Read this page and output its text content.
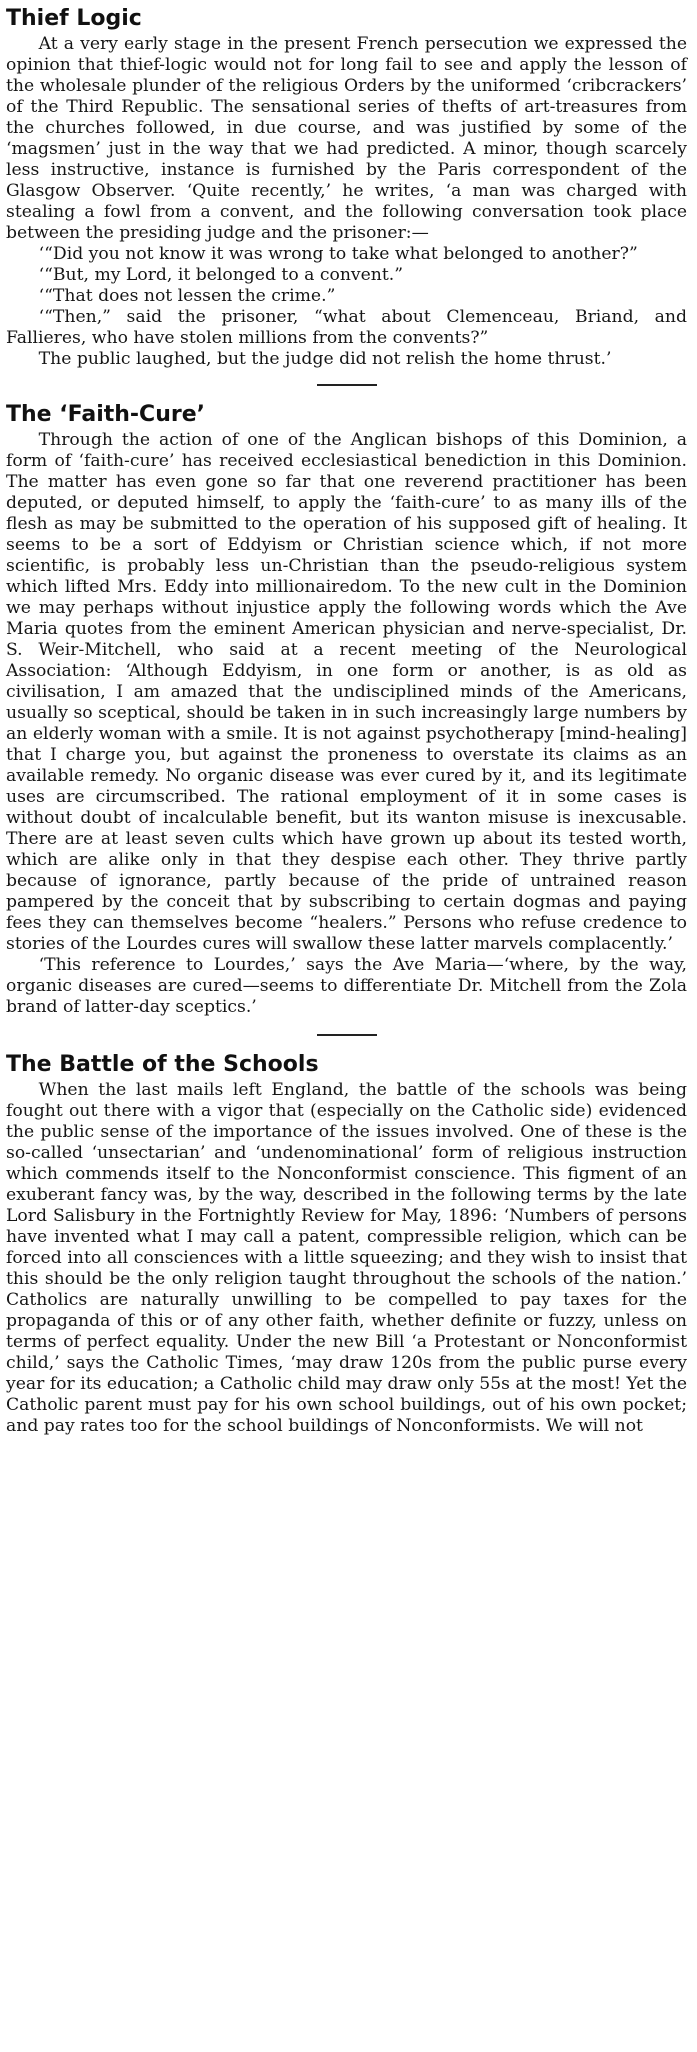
Thief Logic

At a very early stage in the present French persecution we expressed the opinion that thief-logic would not for long fail to see and apply the lesson of the wholesale plunder of the religious Orders by the uniformed ‘cribcrackers’ of the Third Republic. The sensational series of thefts of art-treasures from the churches followed, in due course, and was justified by some of the ‘magsmen’ just in the way that we had predicted. A minor, though scarcely less instructive, instance is furnished by the Paris correspondent of the Glasgow Observer. ‘Quite recently,’ he writes, ‘a man was charged with stealing a fowl from a convent, and the following conversation took place between the presiding judge and the prisoner:—

‘“Did you not know it was wrong to take what belonged to another?”

‘“But, my Lord, it belonged to a convent.”

‘“That does not lessen the crime.”

‘“Then,” said the prisoner, “what about Clemenceau, Briand, and Fallieres, who have stolen millions from the convents?”

The public laughed, but the judge did not relish the home thrust.’

The ‘Faith-Cure’

Through the action of one of the Anglican bishops of this Dominion, a form of ‘faith-cure’ has received ecclesiastical benediction in this Dominion. The matter has even gone so far that one reverend practitioner has been deputed, or deputed himself, to apply the ‘faith-cure’ to as many ills of the flesh as may be submitted to the operation of his supposed gift of healing. It seems to be a sort of Eddyism or Christian science which, if not more scientific, is probably less un-Christian than the pseudo-religious system which lifted Mrs. Eddy into millionairedom. To the new cult in the Dominion we may perhaps without injustice apply the following words which the Ave Maria quotes from the eminent American physician and nerve-specialist, Dr. S. Weir-Mitchell, who said at a recent meeting of the Neurological Association: ‘Although Eddyism, in one form or another, is as old as civilisation, I am amazed that the undisciplined minds of the Americans, usually so sceptical, should be taken in in such increasingly large numbers by an elderly woman with a smile. It is not against psychotherapy [mind-healing] that I charge you, but against the proneness to overstate its claims as an available remedy. No organic disease was ever cured by it, and its legitimate uses are circumscribed. The rational employment of it in some cases is without doubt of incalculable benefit, but its wanton misuse is inexcusable. There are at least seven cults which have grown up about its tested worth, which are alike only in that they despise each other. They thrive partly because of ignorance, partly because of the pride of untrained reason pampered by the conceit that by subscribing to certain dogmas and paying fees they can themselves become “healers.” Persons who refuse credence to stories of the Lourdes cures will swallow these latter marvels complacently.’

‘This reference to Lourdes,’ says the Ave Maria—‘where, by the way, organic diseases are cured—seems to differentiate Dr. Mitchell from the Zola brand of latter-day sceptics.’

The Battle of the Schools

When the last mails left England, the battle of the schools was being fought out there with a vigor that (especially on the Catholic side) evidenced the public sense of the importance of the issues involved. One of these is the so-called ‘unsectarian’ and ‘undenominational’ form of religious instruction which commends itself to the Nonconformist conscience. This figment of an exuberant fancy was, by the way, described in the following terms by the late Lord Salisbury in the Fortnightly Review for May, 1896: ‘Numbers of persons have invented what I may call a patent, compressible religion, which can be forced into all consciences with a little squeezing; and they wish to insist that this should be the only religion taught throughout the schools of the nation.’ Catholics are naturally unwilling to be compelled to pay taxes for the propaganda of this or of any other faith, whether definite or fuzzy, unless on terms of perfect equality. Under the new Bill ‘a Protestant or Nonconformist child,’ says the Catholic Times, ‘may draw 120s from the public purse every year for its education; a Catholic child may draw only 55s at the most! Yet the Catholic parent must pay for his own school buildings, out of his own pocket; and pay rates too for the school buildings of Nonconformists. We will not
